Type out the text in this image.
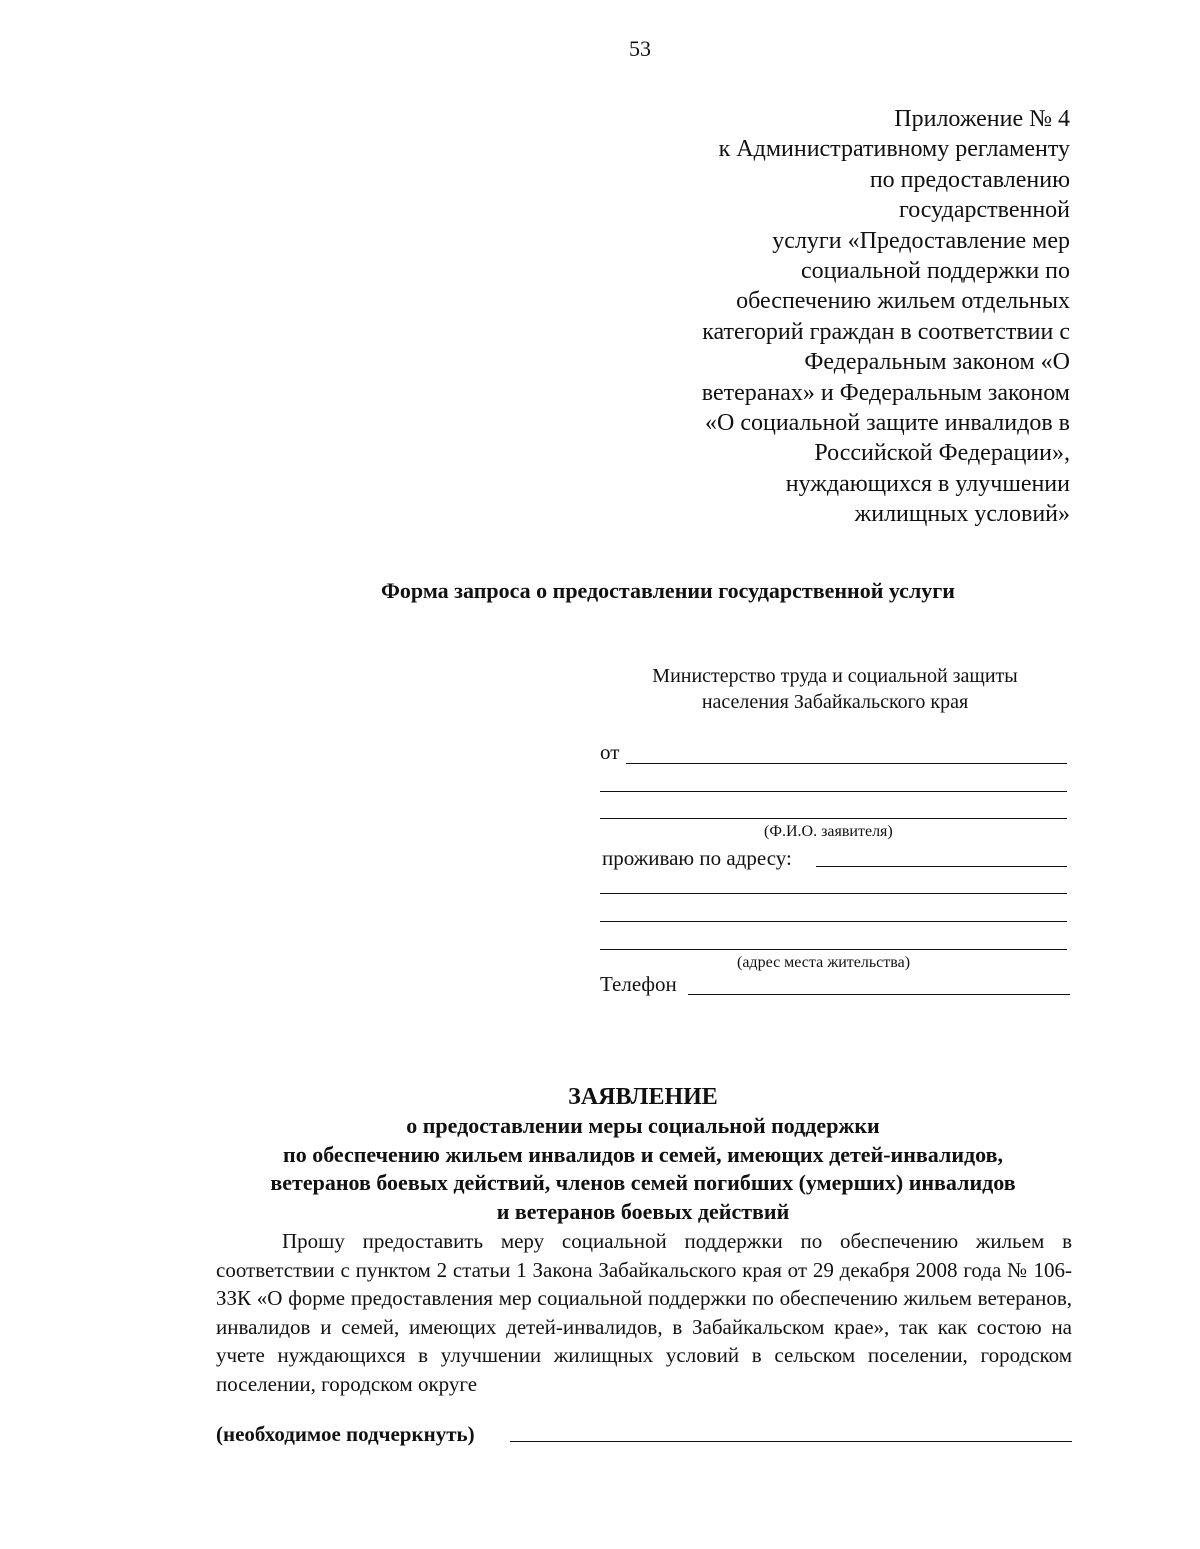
53
Приложение № 4
к Административному регламенту
по предоставлению
государственной
услуги «Предоставление мер
социальной поддержки по
обеспечению жильем отдельных
категорий граждан в соответствии с
Федеральным законом «О
ветеранах» и Федеральным законом
«О социальной защите инвалидов в
Российской Федерации»,
нуждающихся в улучшении
жилищных условий»
Форма запроса о предоставлении государственной услуги
Министерство труда и социальной защиты
населения Забайкальского края
от
(Ф.И.О. заявителя)
проживаю по адресу:
(адрес места жительства)
Телефон
ЗАЯВЛЕНИЕ
о предоставлении меры социальной поддержки
по обеспечению жильем инвалидов и семей, имеющих детей-инвалидов,
ветеранов боевых действий, членов семей погибших (умерших) инвалидов
и ветеранов боевых действий

Прошу предоставить меру социальной поддержки по обеспечению жильем в соответствии с пунктом 2 статьи 1 Закона Забайкальского края от 29 декабря 2008 года № 106-ЗЗК «О форме предоставления мер социальной поддержки по обеспечению жильем ветеранов, инвалидов и семей, имеющих детей-инвалидов, в Забайкальском крае», так как состою на учете нуждающихся в улучшении жилищных условий в сельском поселении, городском поселении, городском округе

(необходимое подчеркнуть)
